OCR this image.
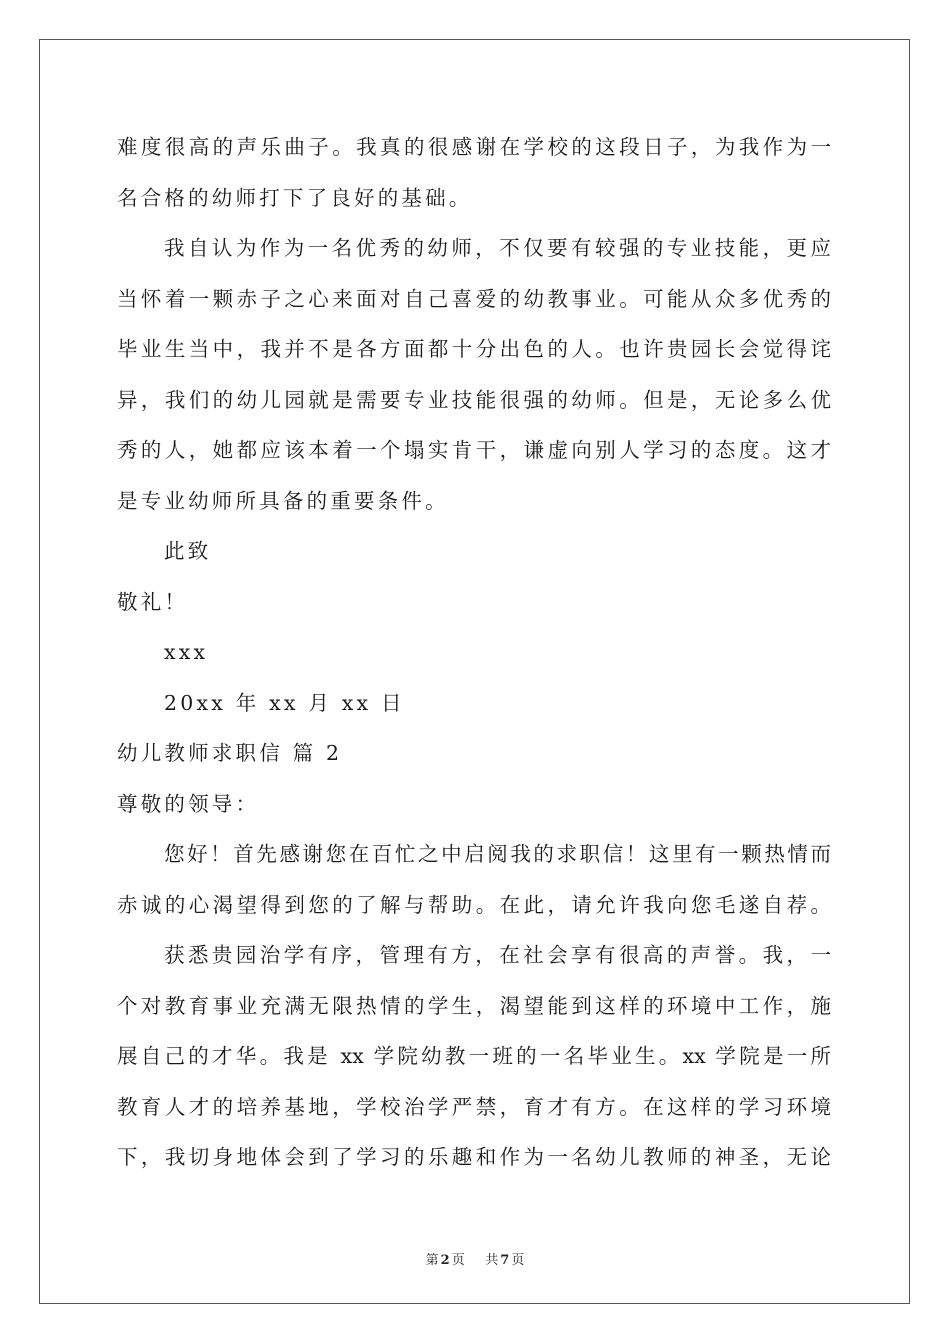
难度很高的声乐曲子。我真的很感谢在学校的这段日子，为我作为一
名合格的幼师打下了良好的基础。
我自认为作为一名优秀的幼师，不仅要有较强的专业技能，更应
当怀着一颗赤子之心来面对自己喜爱的幼教事业。可能从众多优秀的
毕业生当中，我并不是各方面都十分出色的人。也许贵园长会觉得诧
异，我们的幼儿园就是需要专业技能很强的幼师。但是，无论多么优
秀的人，她都应该本着一个塌实肯干，谦虚向别人学习的态度。这才
是专业幼师所具备的重要条件。
此致
敬礼！
xxx
20xx 年 xx 月 xx 日
幼儿教师求职信 篇 2
尊敬的领导：
您好！首先感谢您在百忙之中启阅我的求职信！这里有一颗热情而
赤诚的心渴望得到您的了解与帮助。在此，请允许我向您毛遂自荐。
获悉贵园治学有序，管理有方，在社会享有很高的声誉。我，一
个对教育事业充满无限热情的学生，渴望能到这样的环境中工作，施
展自己的才华。我是 xx 学院幼教一班的一名毕业生。xx 学院是一所
教育人才的培养基地，学校治学严禁，育才有方。在这样的学习环境
下，我切身地体会到了学习的乐趣和作为一名幼儿教师的神圣，无论
第 2 页 共 7 页
